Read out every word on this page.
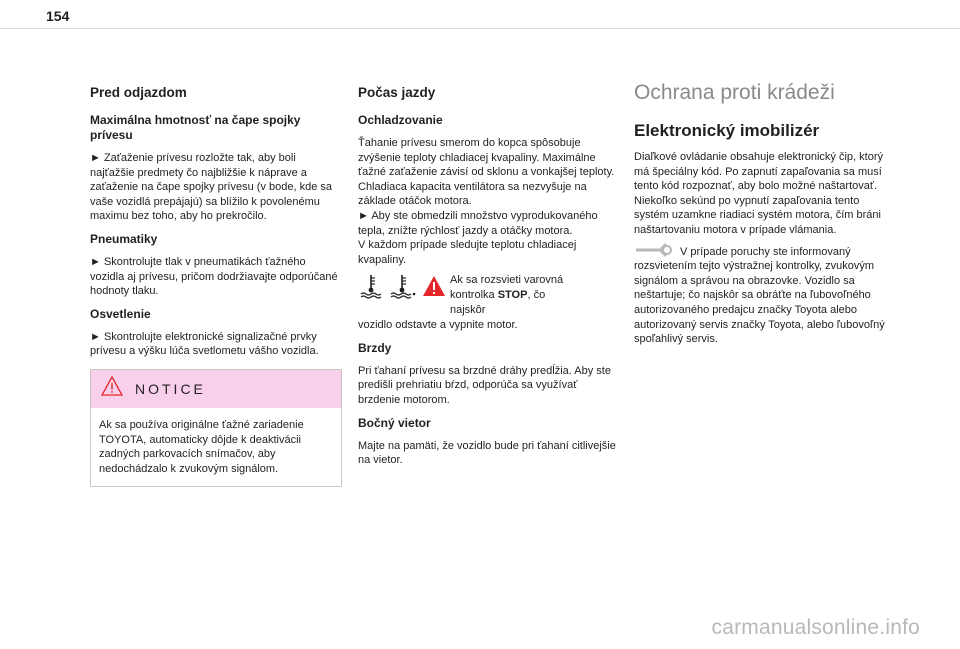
154
Pred odjazdom
Maximálna hmotnosť na čape spojky prívesu

► Zaťaženie prívesu rozložte tak, aby boli najťažšie predmety čo najbližšie k náprave a zaťaženie na čape spojky prívesu (v bode, kde sa vaše vozidlá prepájajú) sa blížilo k povolenému maximu bez toho, aby ho prekročilo.

Pneumatiky

► Skontrolujte tlak v pneumatikách ťažného vozidla aj prívesu, pričom dodržiavajte odporúčané hodnoty tlaku.

Osvetlenie

► Skontrolujte elektronické signalizačné prvky prívesu a výšku lúča svetlometu vášho vozidla.

NOTICE

Ak sa používa originálne ťažné zariadenie TOYOTA, automaticky dôjde k deaktivácii zadných parkovacích snímačov, aby nedochádzalo k zvukovým signálom.

Počas jazdy
Ochladzovanie

Ťahanie prívesu smerom do kopca spôsobuje zvýšenie teploty chladiacej kvapaliny. Maximálne ťažné zaťaženie závisí od sklonu a vonkajšej teploty. Chladiaca kapacita ventilátora sa nezvyšuje na základe otáčok motora.
► Aby ste obmedzili množstvo vyprodukovaného tepla, znížte rýchlosť jazdy a otáčky motora.
V každom prípade sledujte teplotu chladiacej kvapaliny.

Ak sa rozsvieti varovná kontrolka STOP, čo najskôr

vozidlo odstavte a vypnite motor.

Brzdy

Pri ťahaní prívesu sa brzdné dráhy predĺžia. Aby ste predišli prehriatiu bŕzd, odporúča sa využívať brzdenie motorom.

Bočný vietor

Majte na pamäti, že vozidlo bude pri ťahaní citlivejšie na vietor.

Ochrana proti krádeži
Elektronický imobilizér

Diaľkové ovládanie obsahuje elektronický čip, ktorý má špeciálny kód. Po zapnutí zapaľovania sa musí tento kód rozpoznať, aby bolo možné naštartovať.
Niekoľko sekúnd po vypnutí zapaľovania tento systém uzamkne riadiaci systém motora, čím bráni naštartovaniu motora v prípade vlámania.

V prípade poruchy ste informovaný rozsvietením tejto výstražnej kontrolky, zvukovým signálom a správou na obrazovke. Vozidlo sa neštartuje; čo najskôr sa obráťte na ľubovoľného autorizovaného predajcu značky Toyota alebo autorizovaný servis značky Toyota, alebo ľubovoľný spoľahlivý servis.

carmanualsonline.info
